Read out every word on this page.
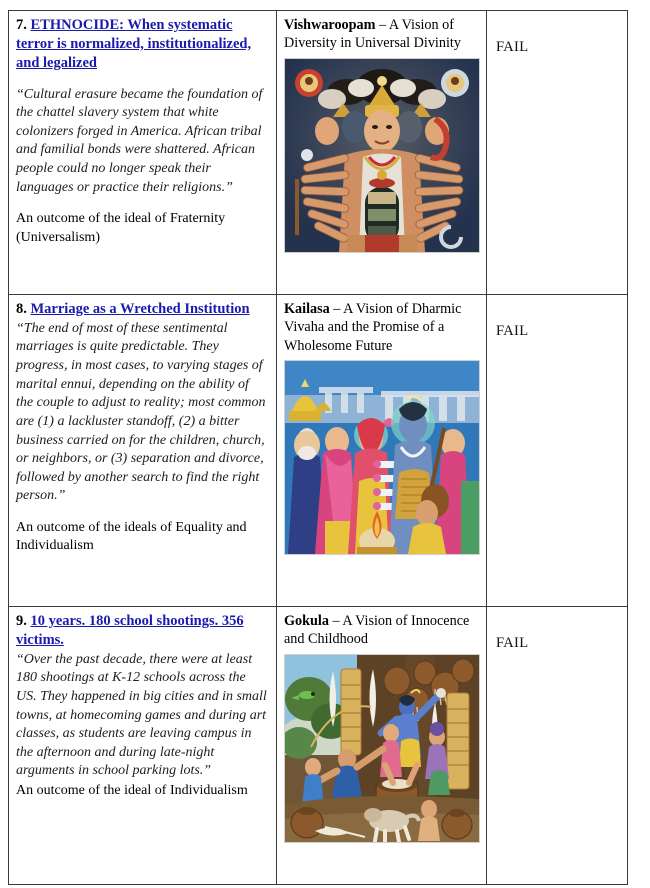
7. ETHNOCIDE: When systematic terror is normalized, institutionalized, and legalized

“Cultural erasure became the foundation of the chattel slavery system that white colonizers forged in America. African tribal and familial bonds were shattered. African people could no longer speak their languages or practice their religions.”

An outcome of the ideal of Fraternity (Universalism)	Vishwaroopam – A Vision of Diversity in Universal Divinity	FAIL

8. Marriage as a Wretched Institution

“The end of most of these sentimental marriages is quite predictable. They progress, in most cases, to varying stages of marital ennui, depending on the ability of the couple to adjust to reality; most common are (1) a lackluster standoff, (2) a bitter business carried on for the children, church, or neighbors, or (3) separation and divorce, followed by another search to find the right person.”

An outcome of the ideals of Equality and Individualism	Kailasa – A Vision of Dharmic Vivaha and the Promise of a Wholesome Future	FAIL

9. 10 years. 180 school shootings. 356 victims.

“Over the past decade, there were at least 180 shootings at K-12 schools across the US. They happened in big cities and in small towns, at homecoming games and during art classes, as students are leaving campus in the afternoon and during late-night arguments in school parking lots.”

An outcome of the ideal of Individualism	Gokula – A Vision of Innocence and Childhood	FAIL
